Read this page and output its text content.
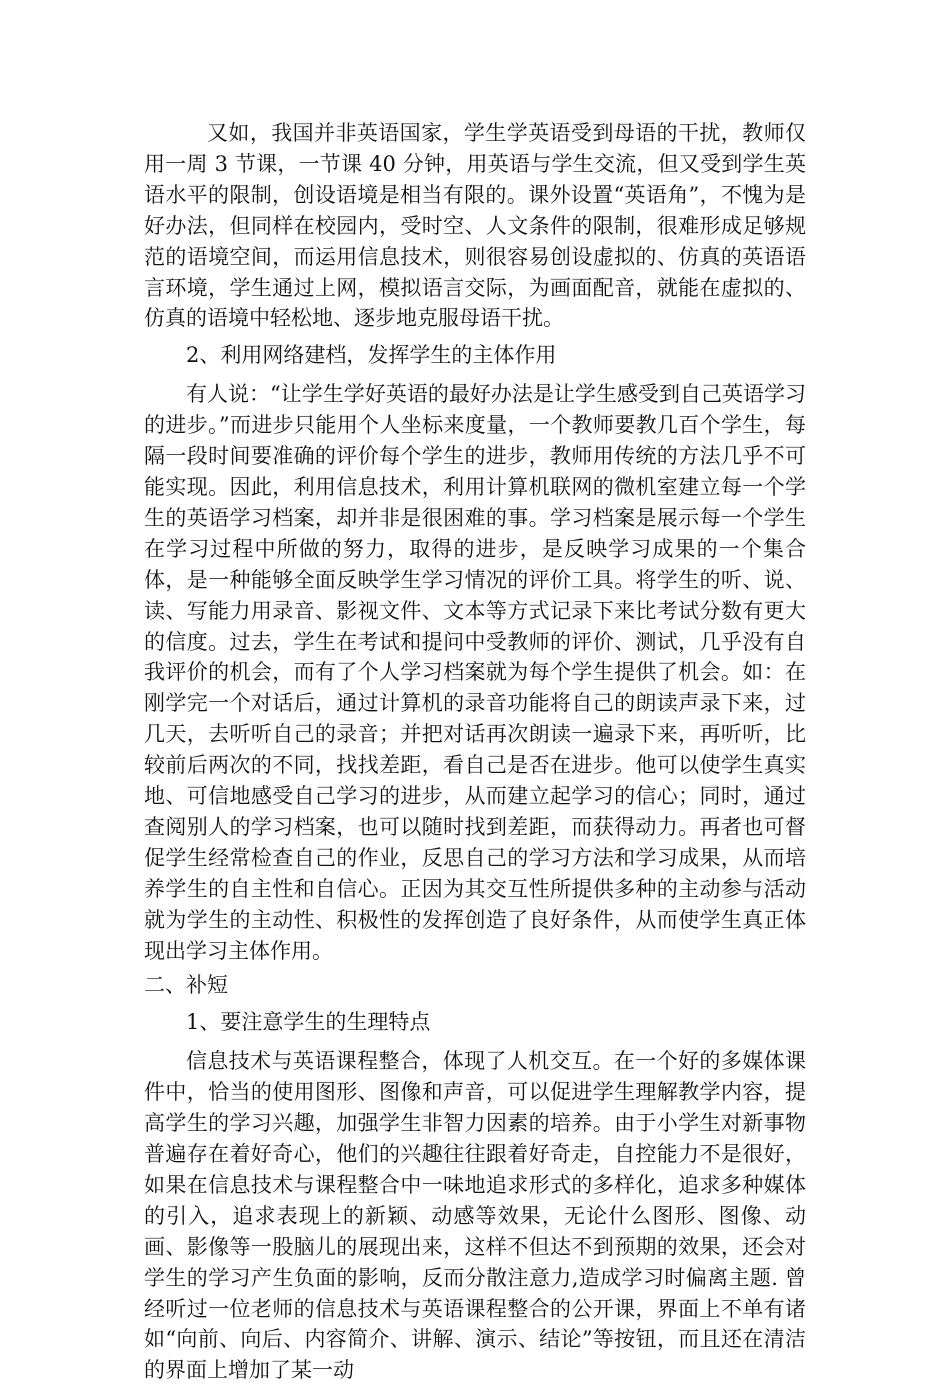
又如，我国并非英语国家，学生学英语受到母语的干扰，教师仅用一周 3 节课，一节课 40 分钟，用英语与学生交流，但又受到学生英语水平的限制，创设语境是相当有限的。课外设置“英语角”，不愧为是好办法，但同样在校园内，受时空、人文条件的限制，很难形成足够规范的语境空间，而运用信息技术，则很容易创设虚拟的、仿真的英语语言环境，学生通过上网，模拟语言交际，为画面配音，就能在虚拟的、仿真的语境中轻松地、逐步地克服母语干扰。

2、利用网络建档，发挥学生的主体作用

有人说：“让学生学好英语的最好办法是让学生感受到自己英语学习的进步。”而进步只能用个人坐标来度量，一个教师要教几百个学生，每隔一段时间要准确的评价每个学生的进步，教师用传统的方法几乎不可能实现。因此，利用信息技术，利用计算机联网的微机室建立每一个学生的英语学习档案，却并非是很困难的事。学习档案是展示每一个学生在学习过程中所做的努力，取得的进步，是反映学习成果的一个集合体，是一种能够全面反映学生学习情况的评价工具。将学生的听、说、读、写能力用录音、影视文件、文本等方式记录下来比考试分数有更大的信度。过去，学生在考试和提问中受教师的评价、测试，几乎没有自我评价的机会，而有了个人学习档案就为每个学生提供了机会。如：在刚学完一个对话后，通过计算机的录音功能将自己的朗读声录下来，过几天，去听听自己的录音；并把对话再次朗读一遍录下来，再听听，比较前后两次的不同，找找差距，看自己是否在进步。他可以使学生真实地、可信地感受自己学习的进步，从而建立起学习的信心；同时，通过查阅别人的学习档案，也可以随时找到差距，而获得动力。再者也可督促学生经常检查自己的作业，反思自己的学习方法和学习成果，从而培养学生的自主性和自信心。正因为其交互性所提供多种的主动参与活动就为学生的主动性、积极性的发挥创造了良好条件，从而使学生真正体现出学习主体作用。

二、补短

1、要注意学生的生理特点

信息技术与英语课程整合，体现了人机交互。在一个好的多媒体课件中，恰当的使用图形、图像和声音，可以促进学生理解教学内容，提高学生的学习兴趣，加强学生非智力因素的培养。由于小学生对新事物普遍存在着好奇心，他们的兴趣往往跟着好奇走，自控能力不是很好，如果在信息技术与课程整合中一味地追求形式的多样化，追求多种媒体的引入，追求表现上的新颖、动感等效果，无论什么图形、图像、动画、影像等一股脑儿的展现出来，这样不但达不到预期的效果，还会对学生的学习产生负面的影响，反而分散注意力,造成学习时偏离主题. 曾经听过一位老师的信息技术与英语课程整合的公开课，界面上不单有诸如“向前、向后、内容简介、讲解、演示、结论”等按钮，而且还在清洁的界面上增加了某一动
